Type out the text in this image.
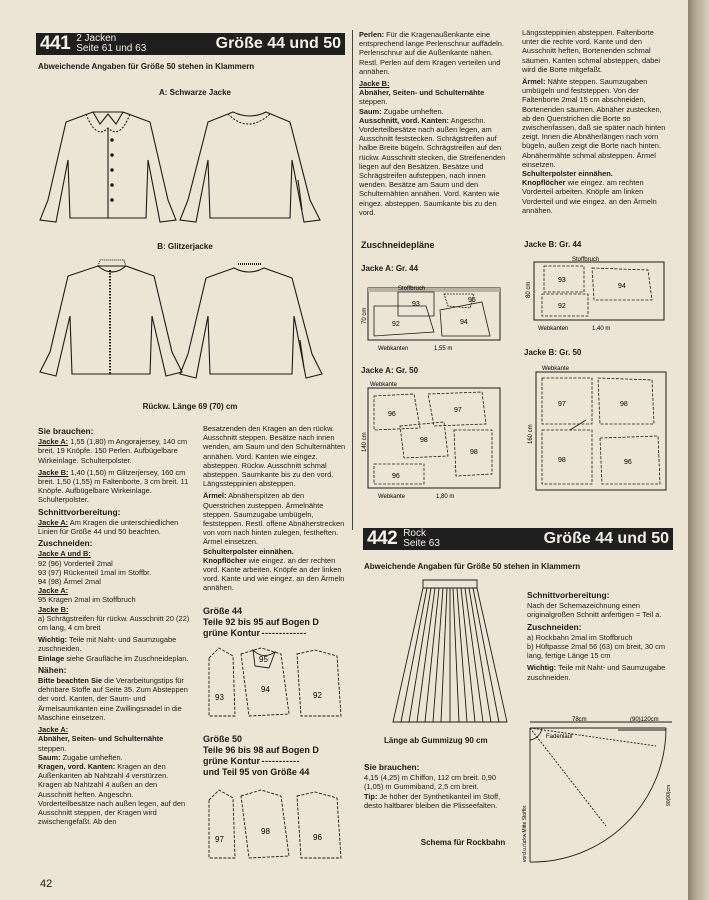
441 2 Jacken
Seite 61 und 63	Größe 44 und 50
Abweichende Angaben für Größe 50 stehen in Klammern
A: Schwarze Jacke
B: Glitzerjacke
Rückw. Länge 69 (70) cm
Sie brauchen:

Jacke A: 1,55 (1,80) m Angorajersey, 140 cm breit. 19 Knöpfe. 150 Perlen. Aufbügelbare Wirkeinlage. Schulterpolster.

Jacke B: 1,40 (1,50) m Glitzerjersey, 160 cm breit. 1,50 (1,55) m Faltenborte, 3 cm breit. 11 Knöpfe. Aufbügelbare Wirkeinlage. Schulterpolster.

Schnittvorbereitung:

Jacke A: Am Kragen die unterschiedlichen Linien für Größe 44 und 50 beachten.

Zuschneiden:
Jacke A und B:
92 (96) Vorderteil 2mal
93 (97) Rückenteil 1mal im Stoffbr.
94 (98) Ärmel 2mal
Jacke A:
95 Kragen 2mal im Stoffbruch
Jacke B:

a) Schrägstreifen für rückw. Ausschnitt 20 (22) cm lang, 4 cm breit

Wichtig: Teile mit Naht- und Saumzugabe zuschneiden.
Einlage siehe Graufläche im Zuschneideplan.

Nähen:

Bitte beachten Sie die Verarbeitungstips für dehnbare Stoffe auf Seite 35. Zum Absteppen der vord. Kanten, der Saum- und Ärmelsaumkanten eine Zwillingsnadel in die Maschine einsetzen.

Jacke A:
Abnäher, Seiten- und Schulternähte steppen.
Saum: Zugabe umheften.
Kragen, vord. Kanten: Kragen an den Außenkanten ab Nahtzahl 4 verstürzen. Kragen ab Nahtzahl 4 außen an den Ausschnitt heften. Angeschn. Vorderteilbesätze nach außen legen, auf den Ausschnitt steppen, der Kragen wird zwischengefaßt. Ab den

Besatzenden den Kragen an den rückw. Ausschnitt steppen. Besätze nach innen wenden, am Saum und den Schulternähten annähen. Vord. Kanten wie eingez. absteppen. Rückw. Ausschnitt schmal absteppen. Saumkante bis zu den vord. Längssteppinien absteppen.

Ärmel: Abnäherspitzen ab den Querstrichen zusteppen. Ärmelnähte steppen. Saumzugabe umbügeln, feststeppen. Restl. offene Abnäherstrecken von vorn nach hinten zulegen, festheften. Ärmel einsetzen.
Schulterpolster einnähen.

Knopflöcher wie eingez. an der rechten vord. Kante arbeiten. Knöpfe an der linken vord. Kante und wie eingez. an den Ärmeln annähen.

Größe 44
Teile 92 bis 95 auf Bogen D
grüne Kontur - - - - - - - - - - - - -
93
94
95
92
Größe 50
Teile 96 bis 98 auf Bogen D
grüne Kontur - - - - - - - - - - -
und Teil 95 von Größe 44
97
98
96

Perlen: Für die Kragenaußenkante eine entsprechend lange Perlenschnur auffädeln. Perlenschnur auf die Außenkante nähen. Restl. Perlen auf dem Kragen verteilen und annähen.

Jacke B:
Abnäher, Seiten- und Schulternähte steppen.
Saum: Zugabe umheften.
Ausschnitt, vord. Kanten: Angeschn. Vorderteilbesätze nach außen legen, am Ausschnitt feststecken. Schrägstreifen auf halbe Breite bügeln. Schrägstreifen auf den rückw. Ausschnitt stecken, die Streifenenden liegen auf den Besätzen. Besätze und Schrägstreifen aufsteppen, nach innen wenden. Besätze am Saum und den Schulternähten annähen. Vord. Kanten wie eingez. absteppen. Saumkante bis zu den vord.

Längssteppinien absteppen. Faltenborte unter die rechte vord. Kante und den Ausschnitt heften, Bortenenden schmal säumen. Kanten schmal absteppen, dabei wird die Borte mitgefaßt.

Ärmel: Nähte steppen. Saumzugaben umbügeln und feststeppen. Von der Faltenborte 2mal 15 cm abschneiden, Bortenenden säumen. Abnäher zustecken, ab den Querstrichen die Borte so zwischenfassen, daß sie später nach hinten zeigt. Innen die Abnäherlängen nach vorn bügeln, außen zeigt die Borte nach hinten. Abnähermähte schmal absteppen. Ärmel einsetzen.
Schulterpolster einnähen.

Knopflöcher wie eingez. am rechten Vorderteil arbeiten. Knöpfe am linken Vorderteil und wie eingez. an den Ärmeln annähen.

Zuschneidepläne
Jacke A: Gr. 44
Stoffbruch
93
92	94
95
70 cm
Webkanten	1,55 m
Jacke A: Gr. 50
Webkante
96
97
98
98
96
140 cm
Webkante	1,80 m
Jacke B: Gr. 44
Stoffbruch
93
94
92
80 cm
Webkanten	1,40 m
Jacke B: Gr. 50
Webkante
97	98
98	96
160 cm
442 Rock
Seite 63	Größe 44 und 50
Abweichende Angaben für Größe 50 stehen in Klammern
Länge ab Gummizug 90 cm
Sie brauchen:
4,15 (4,25) m Chiffon, 112 cm breit. 0,90 (1,05) m Gummiband, 2,5 cm breit.
Tip: Je höher der Synthetikanteil im Stoff, desto haltbarer bleiben die Plisseefalten.
Schema für Rockbahn
Schnittvorbereitung:

Nach der Schemazeichnung einen originalgroßen Schnitt anfertigen = Teil a.

Zuschneiden:
a) Rockbahn 2mal im Stoffbruch

b) Hüftpasse 2mal 56 (63) cm breit, 30 cm lang, fertige Länge 15 cm

Wichtig: Teile mit Naht- und Saumzugabe zuschneiden.

78cm	(90)120cm
Fadenlauf
vord.u.rückw.Mitte Stoffbr.
90(90)cm
42
